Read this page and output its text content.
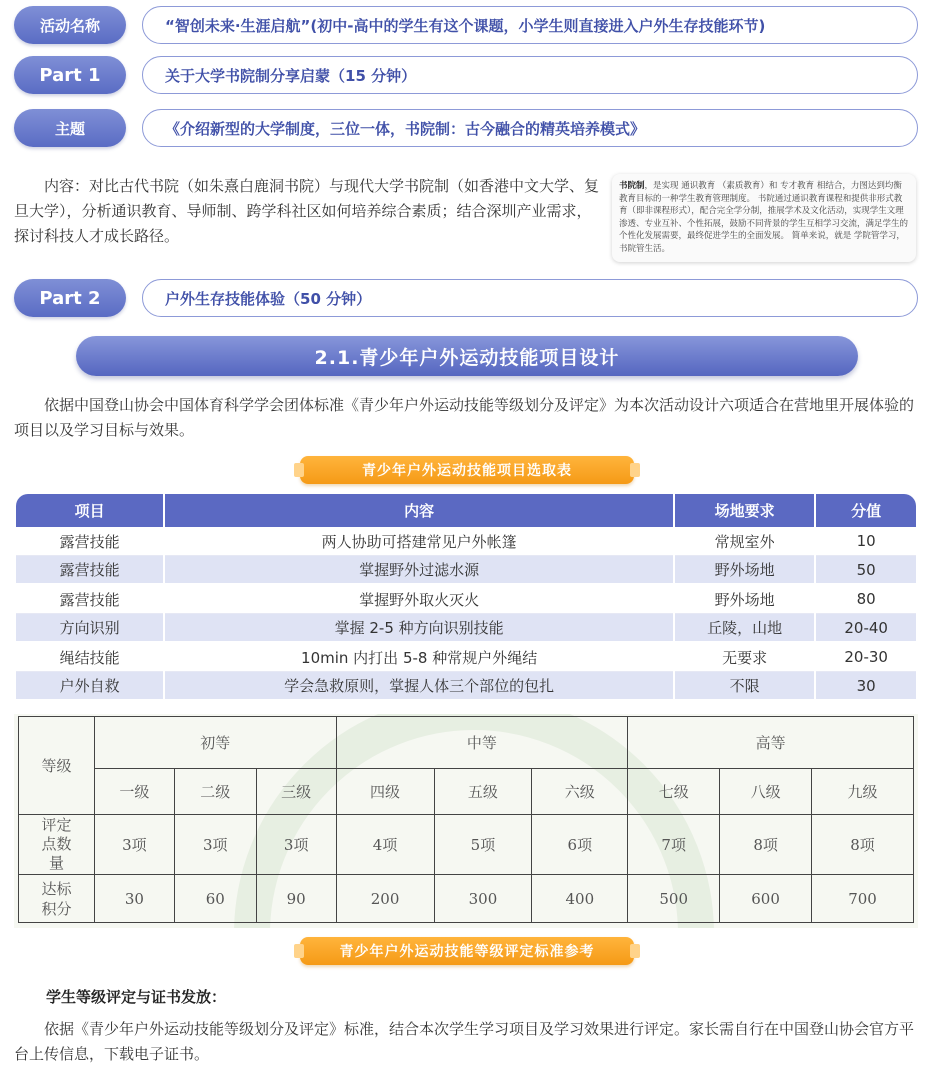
活动名称	“智创未来·生涯启航”(初中-高中的学生有这个课题，小学生则直接进入户外生存技能环节)
Part 1	关于大学书院制分享启蒙（15 分钟）
主题	《介绍新型的大学制度，三位一体，书院制：古今融合的精英培养模式》
内容：对比古代书院（如朱熹白鹿洞书院）与现代大学书院制（如香港中文大学、复旦大学），分析通识教育、导师制、跨学科社区如何培养综合素质；结合深圳产业需求，探讨科技人才成长路径。
书院制，是实现 通识教育 （素质教育）和 专才教育 相结合，力图达到均衡教育目标的一种学生教育管理制度。 书院通过通识教育课程和提供非形式教育（即非课程形式），配合完全学分制，推展学术及文化活动，实现学生文理渗透、专业互补、个性拓展，鼓励不同背景的学生互相学习交流，满足学生的个性化发展需要，最终促进学生的全面发展。 简单来说，就是 学院管学习，书院管生活。
Part 2	户外生存技能体验（50 分钟）
2.1.青少年户外运动技能项目设计
依据中国登山协会中国体育科学学会团体标准《青少年户外运动技能等级划分及评定》为本次活动设计六项适合在营地里开展体验的项目以及学习目标与效果。
青少年户外运动技能项目选取表
项目	内容	场地要求	分值
露营技能	两人协助可搭建常见户外帐篷	常规室外	10
露营技能	掌握野外过滤水源	野外场地	50
露营技能	掌握野外取火灭火	野外场地	80
方向识别	掌握 2-5 种方向识别技能	丘陵，山地	20-40
绳结技能	10min 内打出 5-8 种常规户外绳结	无要求	20-30
户外自救	学会急救原则，掌握人体三个部位的包扎	不限	30
等级	初等			中等			高等		
	一级	二级	三级	四级	五级	六级	七级	八级	九级
评定点数量	3项	3项	3项	4项	5项	6项	7项	8项	8项
达标积分	30	60	90	200	300	400	500	600	700
青少年户外运动技能等级评定标准参考
学生等级评定与证书发放：
依据《青少年户外运动技能等级划分及评定》标准，结合本次学生学习项目及学习效果进行评定。家长需自行在中国登山协会官方平台上传信息，下载电子证书。
